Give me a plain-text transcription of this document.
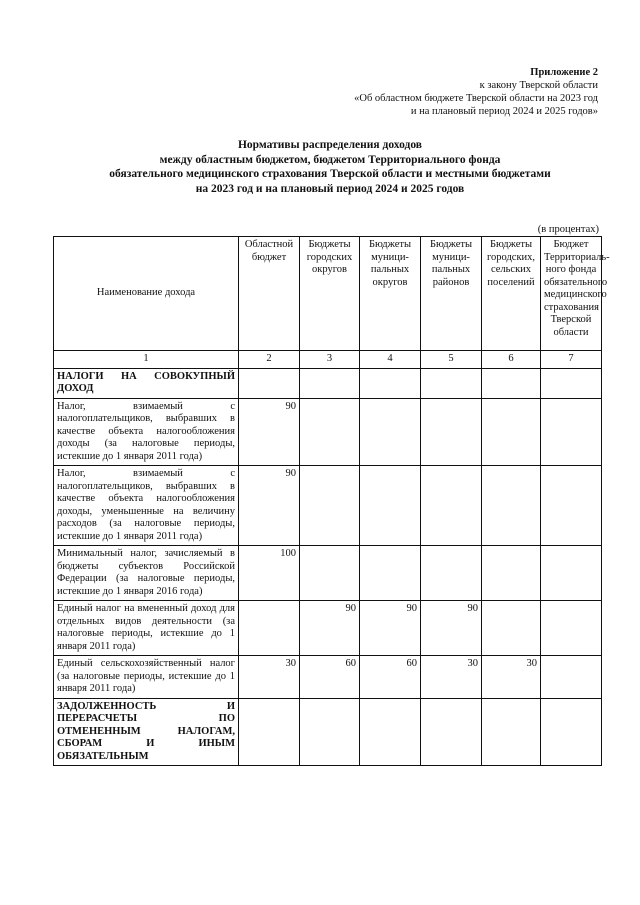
Приложение 2
к закону Тверской области
«Об областном бюджете Тверской области на 2023 год
и на плановый период 2024 и 2025 годов»
Нормативы распределения доходов
между областным бюджетом, бюджетом Территориального фонда
обязательного медицинского страхования Тверской области и местными бюджетами
на 2023 год и на плановый период 2024 и 2025 годов
(в процентах)
Наименование дохода	Областной бюджет	Бюджеты городских округов	Бюджеты муници-пальных округов	Бюджеты муници-пальных районов	Бюджеты городских, сельских поселений	Бюджет Территориаль-ного фонда обязательного медицинского страхования Тверской области
1	2	3	4	5	6	7
НАЛОГИ НА СОВОКУПНЫЙ ДОХОД						
Налог, взимаемый с налогоплательщиков, выбравших в качестве объекта налогообложения доходы (за налоговые периоды, истекшие до 1 января 2011 года)	90					
Налог, взимаемый с налогоплательщиков, выбравших в качестве объекта налогообложения доходы, уменьшенные на величину расходов (за налоговые периоды, истекшие до 1 января 2011 года)	90					
Минимальный налог, зачисляемый в бюджеты субъектов Российской Федерации (за налоговые периоды, истекшие до 1 января 2016 года)	100					
Единый налог на вмененный доход для отдельных видов деятельности (за налоговые периоды, истекшие до 1 января 2011 года)		90	90	90		
Единый сельскохозяйственный налог (за налоговые периоды, истекшие до 1 января 2011 года)	30	60	60	30	30	
ЗАДОЛЖЕННОСТЬ И ПЕРЕРАСЧЕТЫ ПО ОТМЕНЕННЫМ НАЛОГАМ, СБОРАМ И ИНЫМ ОБЯЗАТЕЛЬНЫМ						
